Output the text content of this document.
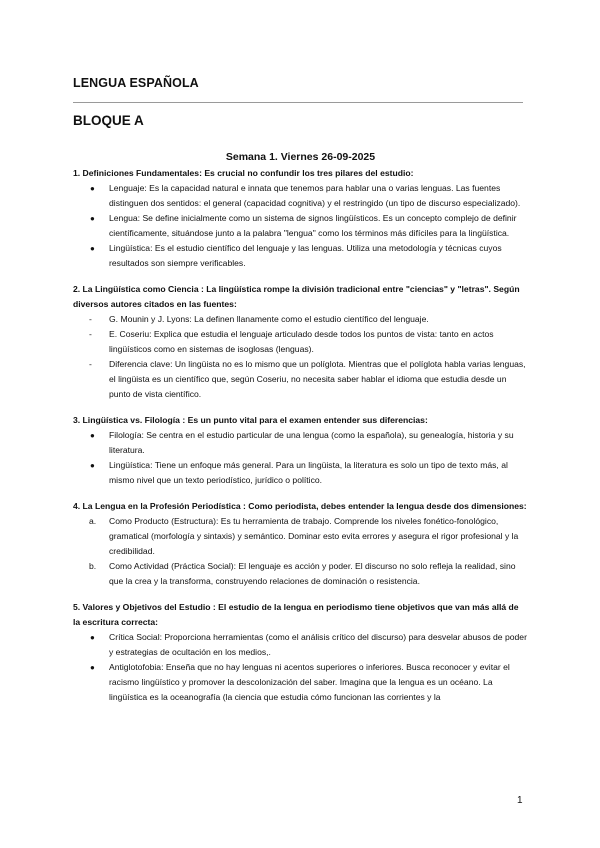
LENGUA ESPAÑOLA
BLOQUE A
Semana 1. Viernes 26-09-2025

1. Definiciones Fundamentales: Es crucial no confundir los tres pilares del estudio:

● Lenguaje: Es la capacidad natural e innata que tenemos para hablar una o varias lenguas. Las fuentes distinguen dos sentidos: el general (capacidad cognitiva) y el restringido (un tipo de discurso especializado).
● Lengua: Se define inicialmente como un sistema de signos lingüísticos. Es un concepto complejo de definir científicamente, situándose junto a la palabra "lengua" como los términos más difíciles para la lingüística.
● Lingüística: Es el estudio científico del lenguaje y las lenguas. Utiliza una metodología y técnicas cuyos resultados son siempre verificables.

2. La Lingüística como Ciencia : La lingüística rompe la división tradicional entre "ciencias" y "letras". Según diversos autores citados en las fuentes:

- G. Mounin y J. Lyons: La definen llanamente como el estudio científico del lenguaje.
- E. Coseriu: Explica que estudia el lenguaje articulado desde todos los puntos de vista: tanto en actos lingüísticos como en sistemas de isoglosas (lenguas).
- Diferencia clave: Un lingüista no es lo mismo que un políglota. Mientras que el políglota habla varias lenguas, el lingüista es un científico que, según Coseriu, no necesita saber hablar el idioma que estudia desde un punto de vista científico.

3. Lingüística vs. Filología : Es un punto vital para el examen entender sus diferencias:

● Filología: Se centra en el estudio particular de una lengua (como la española), su genealogía, historia y su literatura.
● Lingüística: Tiene un enfoque más general. Para un lingüista, la literatura es solo un tipo de texto más, al mismo nivel que un texto periodístico, jurídico o político.

4. La Lengua en la Profesión Periodística : Como periodista, debes entender la lengua desde dos dimensiones:

a. Como Producto (Estructura): Es tu herramienta de trabajo. Comprende los niveles fonético-fonológico, gramatical (morfología y sintaxis) y semántico. Dominar esto evita errores y asegura el rigor profesional y la credibilidad.
b. Como Actividad (Práctica Social): El lenguaje es acción y poder. El discurso no solo refleja la realidad, sino que la crea y la transforma, construyendo relaciones de dominación o resistencia.

5. Valores y Objetivos del Estudio : El estudio de la lengua en periodismo tiene objetivos que van más allá de la escritura correcta:

● Crítica Social: Proporciona herramientas (como el análisis crítico del discurso) para desvelar abusos de poder y estrategias de ocultación en los medios,.
● Antiglotofobia: Enseña que no hay lenguas ni acentos superiores o inferiores. Busca reconocer y evitar el racismo lingüístico y promover la descolonización del saber. Imagina que la lengua es un océano. La lingüística es la oceanografía (la ciencia que estudia cómo funcionan las corrientes y la
1
